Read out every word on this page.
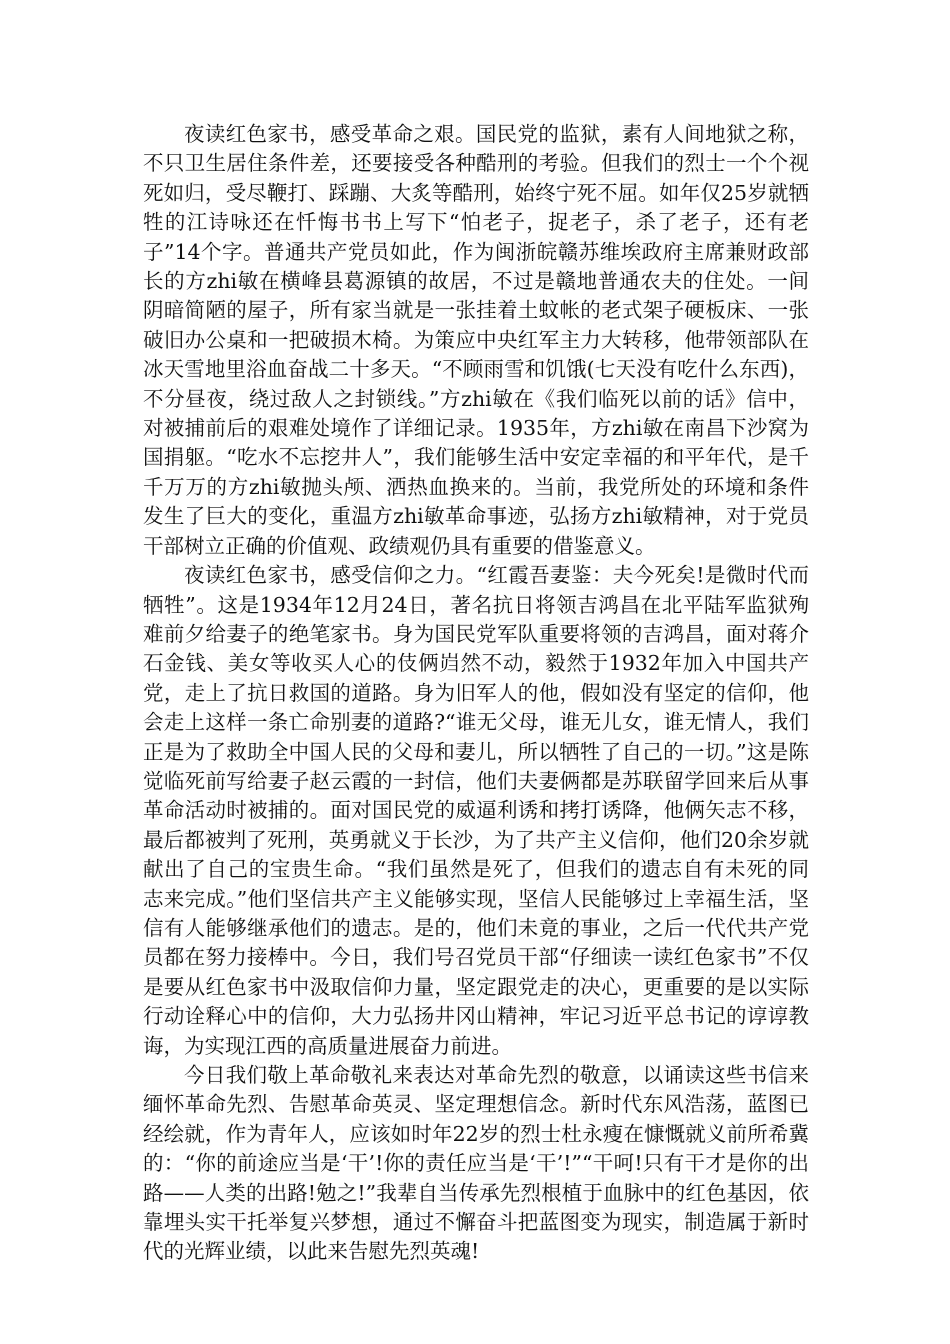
夜读红色家书，感受革命之艰。国民党的监狱，素有人间地狱之称，不只卫生居住条件差，还要接受各种酷刑的考验。但我们的烈士一个个视死如归，受尽鞭打、踩蹦、大炙等酷刑，始终宁死不屈。如年仅25岁就牺牲的江诗咏还在忏悔书书上写下“怕老子，捉老子，杀了老子，还有老子”14个字。普通共产党员如此，作为闽浙皖赣苏维埃政府主席兼财政部长的方zhi敏在横峰县葛源镇的故居，不过是赣地普通农夫的住处。一间阴暗简陋的屋子，所有家当就是一张挂着土蚊帐的老式架子硬板床、一张破旧办公桌和一把破损木椅。为策应中央红军主力大转移，他带领部队在冰天雪地里浴血奋战二十多天。“不顾雨雪和饥饿(七天没有吃什么东西)，不分昼夜，绕过敌人之封锁线。”方zhi敏在《我们临死以前的话》信中，对被捕前后的艰难处境作了详细记录。1935年，方zhi敏在南昌下沙窝为国捐躯。“吃水不忘挖井人”，我们能够生活中安定幸福的和平年代，是千千万万的方zhi敏抛头颅、洒热血换来的。当前，我党所处的环境和条件发生了巨大的变化，重温方zhi敏革命事迹，弘扬方zhi敏精神，对于党员干部树立正确的价值观、政绩观仍具有重要的借鉴意义。

夜读红色家书，感受信仰之力。“红霞吾妻鉴：夫今死矣!是微时代而牺牲”。这是1934年12月24日，著名抗日将领吉鸿昌在北平陆军监狱殉难前夕给妻子的绝笔家书。身为国民党军队重要将领的吉鸿昌，面对蒋介石金钱、美女等收买人心的伎俩岿然不动，毅然于1932年加入中国共产党，走上了抗日救国的道路。身为旧军人的他，假如没有坚定的信仰，他会走上这样一条亡命别妻的道路?“谁无父母，谁无儿女，谁无情人，我们正是为了救助全中国人民的父母和妻儿，所以牺牲了自己的一切。”这是陈觉临死前写给妻子赵云霞的一封信，他们夫妻俩都是苏联留学回来后从事革命活动时被捕的。面对国民党的威逼利诱和拷打诱降，他俩矢志不移，最后都被判了死刑，英勇就义于长沙，为了共产主义信仰，他们20余岁就献出了自己的宝贵生命。“我们虽然是死了，但我们的遗志自有未死的同志来完成。”他们坚信共产主义能够实现，坚信人民能够过上幸福生活，坚信有人能够继承他们的遗志。是的，他们未竟的事业，之后一代代共产党员都在努力接棒中。今日，我们号召党员干部“仔细读一读红色家书”不仅是要从红色家书中汲取信仰力量，坚定跟党走的决心，更重要的是以实际行动诠释心中的信仰，大力弘扬井冈山精神，牢记习近平总书记的谆谆教诲，为实现江西的高质量进展奋力前进。

今日我们敬上革命敬礼来表达对革命先烈的敬意，以诵读这些书信来缅怀革命先烈、告慰革命英灵、坚定理想信念。新时代东风浩荡，蓝图已经绘就，作为青年人，应该如时年22岁的烈士杜永瘦在慷慨就义前所希冀的：“你的前途应当是‘干’!你的责任应当是‘干’!”“干呵!只有干才是你的出路——人类的出路!勉之!”我辈自当传承先烈根植于血脉中的红色基因，依靠埋头实干托举复兴梦想，通过不懈奋斗把蓝图变为现实，制造属于新时代的光辉业绩，以此来告慰先烈英魂!
